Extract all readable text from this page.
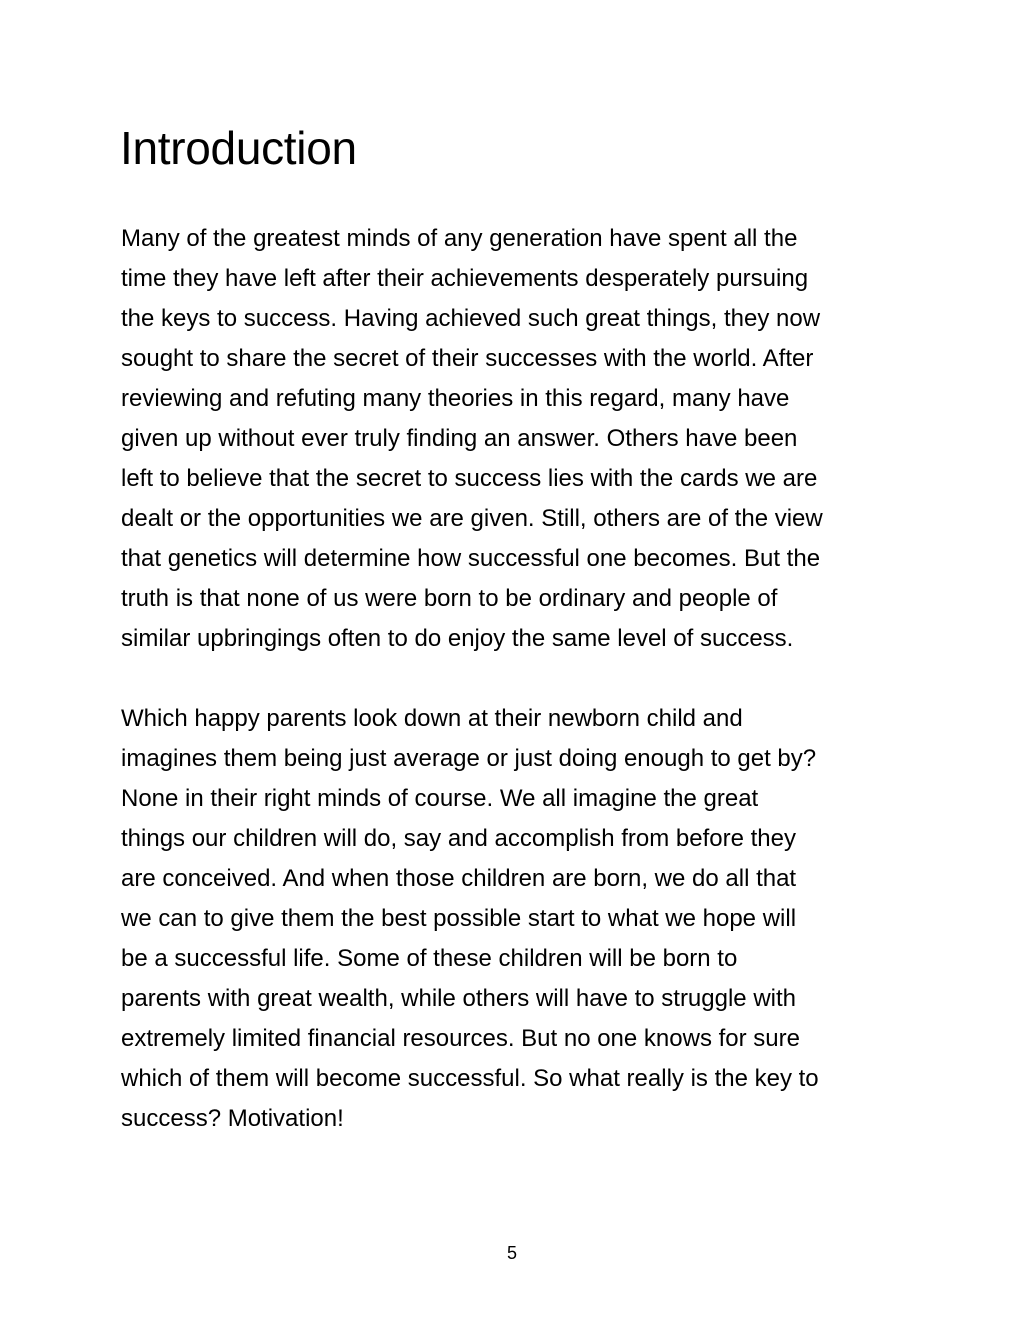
Introduction

Many of the greatest minds of any generation have spent all the
time they have left after their achievements desperately pursuing
the keys to success. Having achieved such great things, they now
sought to share the secret of their successes with the world. After
reviewing and refuting many theories in this regard, many have
given up without ever truly finding an answer. Others have been
left to believe that the secret to success lies with the cards we are
dealt or the opportunities we are given. Still, others are of the view
that genetics will determine how successful one becomes. But the
truth is that none of us were born to be ordinary and people of
similar upbringings often to do enjoy the same level of success.

Which happy parents look down at their newborn child and
imagines them being just average or just doing enough to get by?
None in their right minds of course. We all imagine the great
things our children will do, say and accomplish from before they
are conceived. And when those children are born, we do all that
we can to give them the best possible start to what we hope will
be a successful life. Some of these children will be born to
parents with great wealth, while others will have to struggle with
extremely limited financial resources. But no one knows for sure
which of them will become successful. So what really is the key to
success? Motivation!

5
